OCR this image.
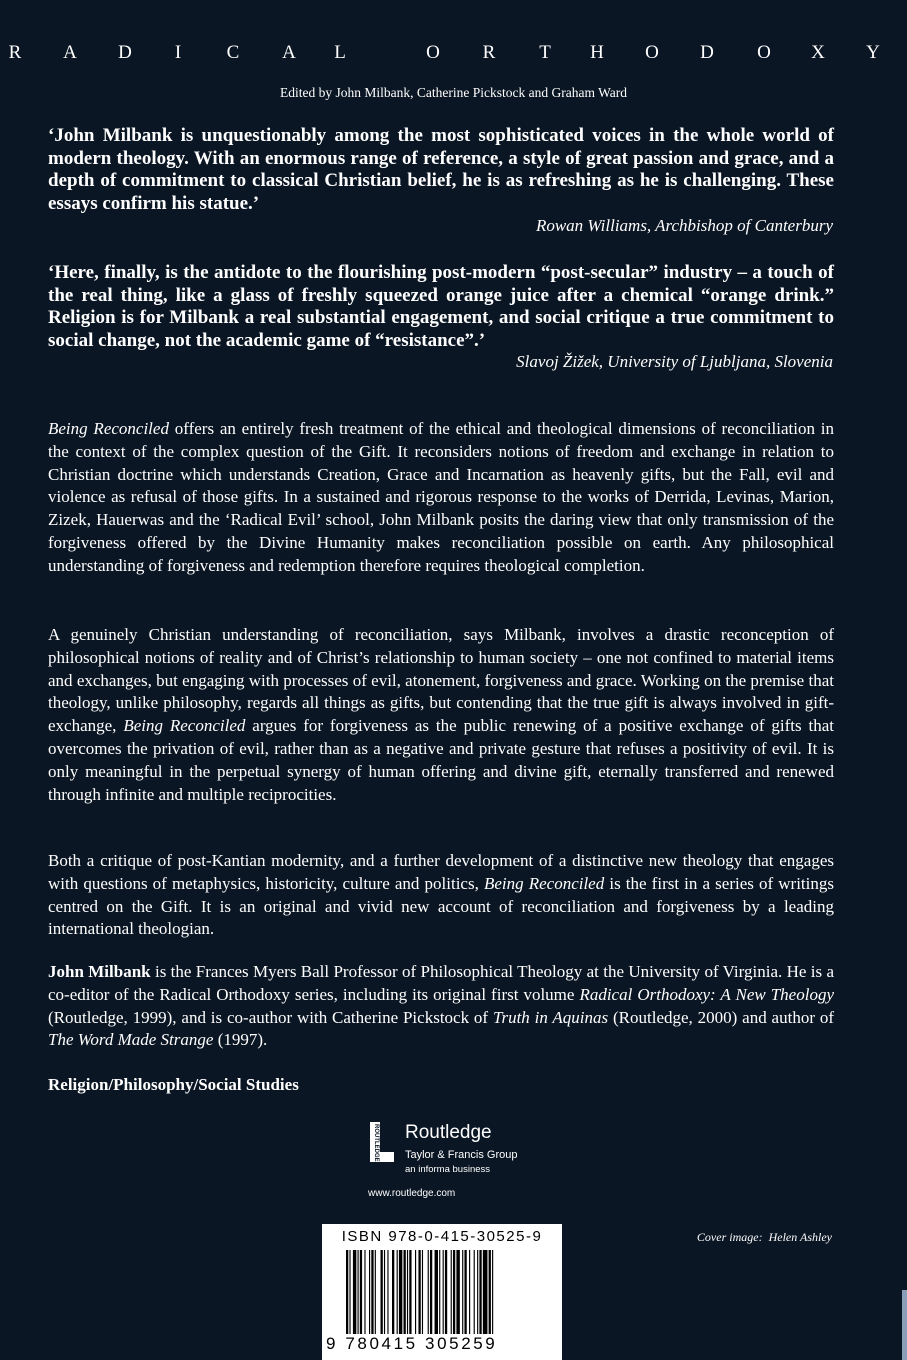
R A D I C A L	O R T H O D O X Y
Edited by John Milbank, Catherine Pickstock and Graham Ward
‘John Milbank is unquestionably among the most sophisticated voices in the whole world of modern theology. With an enormous range of reference, a style of great passion and grace, and a depth of commitment to classical Christian belief, he is as refreshing as he is challenging. These essays confirm his statue.’
Rowan Williams, Archbishop of Canterbury
‘Here, finally, is the antidote to the flourishing post-modern “post-secular” industry – a touch of the real thing, like a glass of freshly squeezed orange juice after a chemical “orange drink.” Religion is for Milbank a real substantial engagement, and social critique a true commitment to social change, not the academic game of “resistance”.’
Slavoj Žižek, University of Ljubljana, Slovenia

Being Reconciled offers an entirely fresh treatment of the ethical and theological dimensions of reconciliation in the context of the complex question of the Gift. It reconsiders notions of freedom and exchange in relation to Christian doctrine which understands Creation, Grace and Incarnation as heavenly gifts, but the Fall, evil and violence as refusal of those gifts. In a sustained and rigorous response to the works of Derrida, Levinas, Marion, Zizek, Hauerwas and the ‘Radical Evil’ school, John Milbank posits the daring view that only transmission of the forgiveness offered by the Divine Humanity makes reconciliation possible on earth. Any philosophical understanding of forgiveness and redemption therefore requires theological completion.

A genuinely Christian understanding of reconciliation, says Milbank, involves a drastic reconception of philosophical notions of reality and of Christ’s relationship to human society – one not confined to material items and exchanges, but engaging with processes of evil, atonement, forgiveness and grace. Working on the premise that theology, unlike philosophy, regards all things as gifts, but contending that the true gift is always involved in gift-exchange, Being Reconciled argues for forgiveness as the public renewing of a positive exchange of gifts that overcomes the privation of evil, rather than as a negative and private gesture that refuses a positivity of evil. It is only meaningful in the perpetual synergy of human offering and divine gift, eternally transferred and renewed through infinite and multiple reciprocities.

Both a critique of post-Kantian modernity, and a further development of a distinctive new theology that engages with questions of metaphysics, historicity, culture and politics, Being Reconciled is the first in a series of writings centred on the Gift. It is an original and vivid new account of reconciliation and forgiveness by a leading international theologian.

John Milbank is the Frances Myers Ball Professor of Philosophical Theology at the University of Virginia. He is a co-editor of the Radical Orthodoxy series, including its original first volume Radical Orthodoxy: A New Theology (Routledge, 1999), and is co-author with Catherine Pickstock of Truth in Aquinas (Routledge, 2000) and author of The Word Made Strange (1997).

Religion/Philosophy/Social Studies
ROUTLEDGE Routledge
Taylor & Francis Group
an informa business
www.routledge.com
ISBN 978-0-415-30525-9
9 780415 305259
Cover image: Helen Ashley
